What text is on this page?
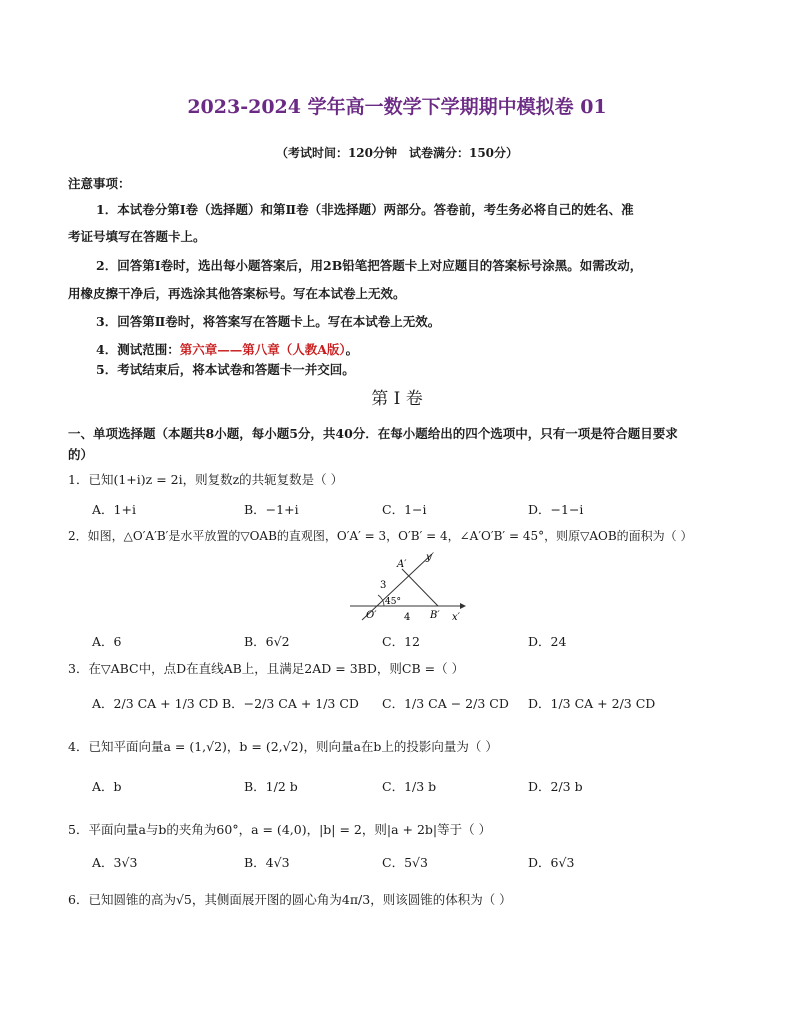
2023-2024 学年高一数学下学期期中模拟卷 01
（考试时间：120分钟　试卷满分：150分）
注意事项：
1．本试卷分第Ⅰ卷（选择题）和第Ⅱ卷（非选择题）两部分。答卷前，考生务必将自己的姓名、准
考证号填写在答题卡上。
2．回答第Ⅰ卷时，选出每小题答案后，用2B铅笔把答题卡上对应题目的答案标号涂黑。如需改动，
用橡皮擦干净后，再选涂其他答案标号。写在本试卷上无效。
3．回答第Ⅱ卷时，将答案写在答题卡上。写在本试卷上无效。
4．测试范围：第六章——第八章（人教A版）。
5．考试结束后，将本试卷和答题卡一并交回。
第 I 卷
一、单项选择题（本题共8小题，每小题5分，共40分．在每小题给出的四个选项中，只有一项是符合题目要求
的）
1．已知(1+i)z = 2i，则复数z的共轭复数是（ ）
A．1+i	B．−1+i	C．1−i	D．−1−i
2．如图，△O′A′B′是水平放置的▽OAB的直观图，O′A′ = 3，O′B′ = 4，∠A′O′B′ = 45°，则原▽AOB的面积为（ ）
y′
A′
3
45°
O′	4 B′ x′
A．6	B．6√2	C．12	D．24
3．在▽ABC中，点D在直线AB上，且满足2AD = 3BD，则CB =（ ）
A．2/3 CA + 1/3 CD B．−2/3 CA + 1/3 CD C．1/3 CA − 2/3 CD D．1/3 CA + 2/3 CD
4．已知平面向量a = (1,√2)，b = (2,√2)，则向量a在b上的投影向量为（ ）
A．b	B．1/2 b	C．1/3 b	D．2/3 b
5．平面向量a与b的夹角为60°，a = (4,0)，|b| = 2，则|a + 2b|等于（ ）
A．3√3	B．4√3	C．5√3	D．6√3
6．已知圆锥的高为√5，其侧面展开图的圆心角为4π/3，则该圆锥的体积为（ ）
